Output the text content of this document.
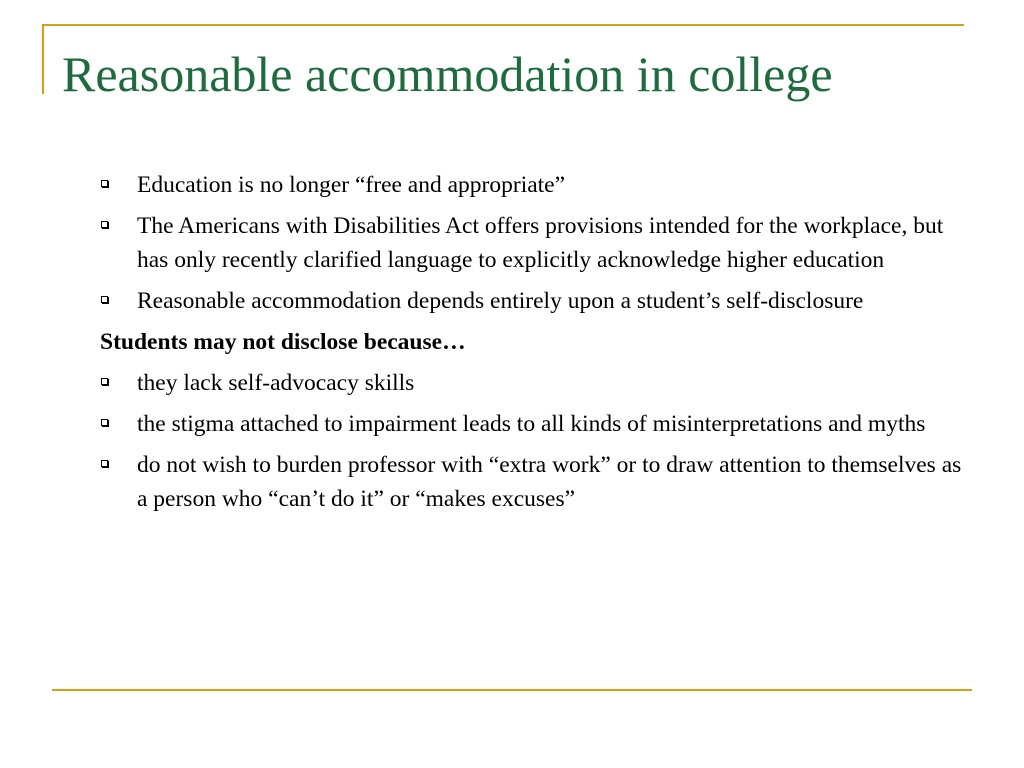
Reasonable accommodation in college
Education is no longer “free and appropriate”
The Americans with Disabilities Act offers provisions intended for the workplace, but has only recently clarified language to explicitly acknowledge higher education
Reasonable accommodation depends entirely upon a student’s self-disclosure
Students may not disclose because…
they lack self-advocacy skills
the stigma attached to impairment leads to all kinds of misinterpretations and myths
do not wish to burden professor with “extra work” or to draw attention to themselves as a person who “can’t do it” or “makes excuses”
